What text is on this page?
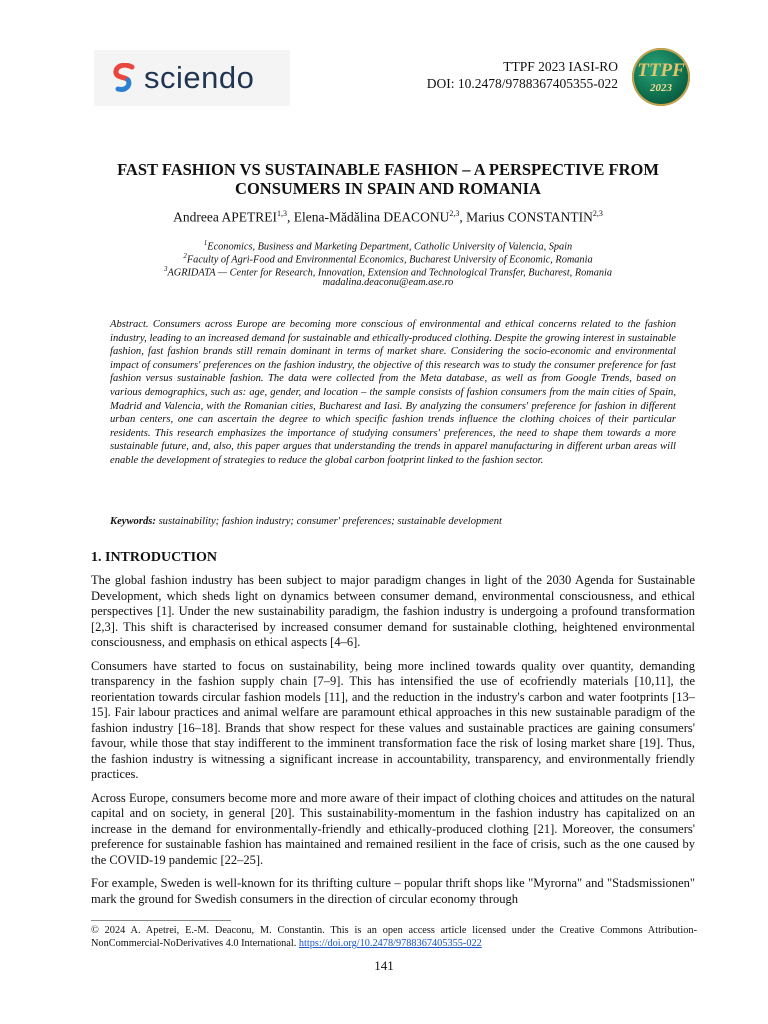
sciendo	TTPF 2023 IASI-RO
DOI: 10.2478/9788367405355-022
TTPF
2023
FAST FASHION VS SUSTAINABLE FASHION – A PERSPECTIVE FROM
CONSUMERS IN SPAIN AND ROMANIA
Andreea APETREI$^{1,3}$, Elena-Mădălina DEACONU$^{2,3}$, Marius CONSTANTIN$^{2,3}$
$^1$Economics, Business and Marketing Department, Catholic University of Valencia, Spain
$^2$Faculty of Agri-Food and Environmental Economics, Bucharest University of Economic, Romania
$^3$AGRIDATA — Center for Research, Innovation, Extension and Technological Transfer, Bucharest, Romania
madalina.deaconu@eam.ase.ro
Abstract. Consumers across Europe are becoming more conscious of environmental and ethical concerns related to the fashion industry, leading to an increased demand for sustainable and ethically-produced clothing. Despite the growing interest in sustainable fashion, fast fashion brands still remain dominant in terms of market share. Considering the socio-economic and environmental impact of consumers' preferences on the fashion industry, the objective of this research was to study the consumer preference for fast fashion versus sustainable fashion. The data were collected from the Meta database, as well as from Google Trends, based on various demographics, such as: age, gender, and location – the sample consists of fashion consumers from the main cities of Spain, Madrid and Valencia, with the Romanian cities, Bucharest and Iasi. By analyzing the consumers' preference for fashion in different urban centers, one can ascertain the degree to which specific fashion trends influence the clothing choices of their particular residents. This research emphasizes the importance of studying consumers' preferences, the need to shape them towards a more sustainable future, and, also, this paper argues that understanding the trends in apparel manufacturing in different urban areas will enable the development of strategies to reduce the global carbon footprint linked to the fashion sector.
Keywords: sustainability; fashion industry; consumer' preferences; sustainable development
1. INTRODUCTION

The global fashion industry has been subject to major paradigm changes in light of the 2030 Agenda for Sustainable Development, which sheds light on dynamics between consumer demand, environmental consciousness, and ethical perspectives [1]. Under the new sustainability paradigm, the fashion industry is undergoing a profound transformation [2,3]. This shift is characterised by increased consumer demand for sustainable clothing, heightened environmental consciousness, and emphasis on ethical aspects [4–6].

Consumers have started to focus on sustainability, being more inclined towards quality over quantity, demanding transparency in the fashion supply chain [7–9]. This has intensified the use of ecofriendly materials [10,11], the reorientation towards circular fashion models [11], and the reduction in the industry's carbon and water footprints [13–15]. Fair labour practices and animal welfare are paramount ethical approaches in this new sustainable paradigm of the fashion industry [16–18]. Brands that show respect for these values and sustainable practices are gaining consumers' favour, while those that stay indifferent to the imminent transformation face the risk of losing market share [19]. Thus, the fashion industry is witnessing a significant increase in accountability, transparency, and environmentally friendly practices.

Across Europe, consumers become more and more aware of their impact of clothing choices and attitudes on the natural capital and on society, in general [20]. This sustainability-momentum in the fashion industry has capitalized on an increase in the demand for environmentally-friendly and ethically-produced clothing [21]. Moreover, the consumers' preference for sustainable fashion has maintained and remained resilient in the face of crisis, such as the one caused by the COVID-19 pandemic [22–25].

For example, Sweden is well-known for its thrifting culture – popular thrift shops like "Myrorna" and "Stadsmissionen" mark the ground for Swedish consumers in the direction of circular economy through

© 2024 A. Apetrei, E.-M. Deaconu, M. Constantin. This is an open access article licensed under the Creative Commons Attribution-NonCommercial-NoDerivatives 4.0 International. https://doi.org/10.2478/9788367405355-022
141
